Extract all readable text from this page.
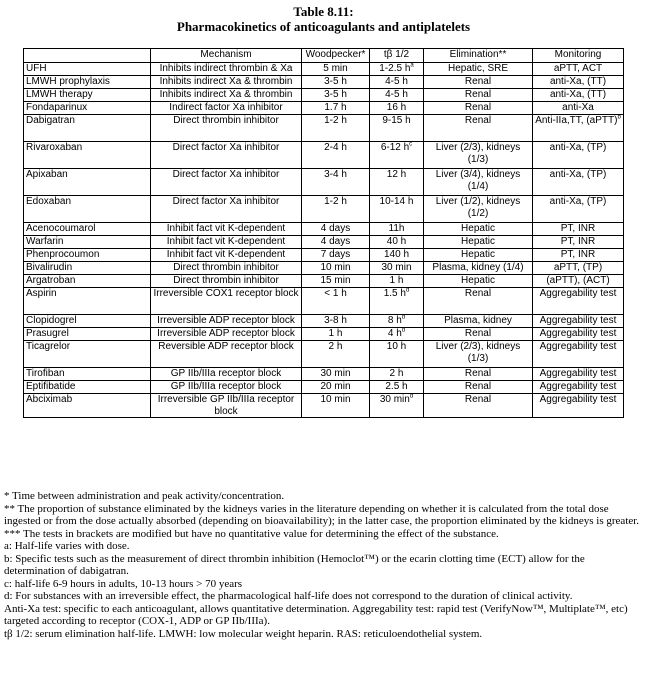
Table 8.11:
Pharmacokinetics of anticoagulants and antiplatelets
	Mechanism	Woodpecker*	tβ 1/2	Elimination**	Monitoring
UFH	Inhibits indirect thrombin & Xa	5 min	1-2.5 $h^a$	Hepatic, SRE	aPTT, ACT
LMWH prophylaxis	Inhibits indirect Xa & thrombin	3-5 h	4-5 h	Renal	anti-Xa, (TT)
LMWH therapy	Inhibits indirect Xa & thrombin	3-5 h	4-5 h	Renal	anti-Xa, (TT)
Fondaparinux	Indirect factor Xa inhibitor	1.7 h	16 h	Renal	anti-Xa
Dabigatran	Direct thrombin inhibitor	1-2 h	9-15 h	Renal	Anti-IIa,TT, (aPTT)$^b$
Rivaroxaban	Direct factor Xa inhibitor	2-4 h	6-12 $h^c$	Liver (2/3), kidneys (1/3)	anti-Xa, (TP)
Apixaban	Direct factor Xa inhibitor	3-4 h	12 h	Liver (3/4), kidneys (1/4)	anti-Xa, (TP)
Edoxaban	Direct factor Xa inhibitor	1-2 h	10-14 h	Liver (1/2), kidneys (1/2)	anti-Xa, (TP)
Acenocoumarol	Inhibit fact vit K-dependent	4 days	11h	Hepatic	PT, INR
Warfarin	Inhibit fact vit K-dependent	4 days	40 h	Hepatic	PT, INR
Phenprocoumon	Inhibit fact vit K-dependent	7 days	140 h	Hepatic	PT, INR
Bivalirudin	Direct thrombin inhibitor	10 min	30 min	Plasma, kidney (1/4)	aPTT, (TP)
Argatroban	Direct thrombin inhibitor	15 min	1 h	Hepatic	(aPTT), (ACT)
Aspirin	Irreversible COX1 receptor block	< 1 h	1.5 $h^d$	Renal	Aggregability test
Clopidogrel	Irreversible ADP receptor block	3-8 h	8 $h^d$	Plasma, kidney	Aggregability test
Prasugrel	Irreversible ADP receptor block	1 h	4 $h^d$	Renal	Aggregability test
Ticagrelor	Reversible ADP receptor block	2 h	10 h	Liver (2/3), kidneys (1/3)	Aggregability test
Tirofiban	GP IIb/IIIa receptor block	30 min	2 h	Renal	Aggregability test
Eptifibatide	GP IIb/IIIa receptor block	20 min	2.5 h	Renal	Aggregability test
Abciximab	Irreversible GP IIb/IIIa receptor block	10 min	30 $\min^d$	Renal	Aggregability test

* Time between administration and peak activity/concentration.

** The proportion of substance eliminated by the kidneys varies in the literature depending on whether it is calculated from the total dose ingested or from the dose actually absorbed (depending on bioavailability); in the latter case, the proportion eliminated by the kidneys is greater.

*** The tests in brackets are modified but have no quantitative value for determining the effect of the substance.

a: Half-life varies with dose.

b: Specific tests such as the measurement of direct thrombin inhibition (Hemoclot™) or the ecarin clotting time (ECT) allow for the determination of dabigatran.

c: half-life 6-9 hours in adults, 10-13 hours > 70 years

d: For substances with an irreversible effect, the pharmacological half-life does not correspond to the duration of clinical activity.

Anti-Xa test: specific to each anticoagulant, allows quantitative determination. Aggregability test: rapid test (VerifyNow™, Multiplate™, etc) targeted according to receptor (COX-1, ADP or GP IIb/IIIa).

tβ 1/2: serum elimination half-life. LMWH: low molecular weight heparin. RAS: reticuloendothelial system.
